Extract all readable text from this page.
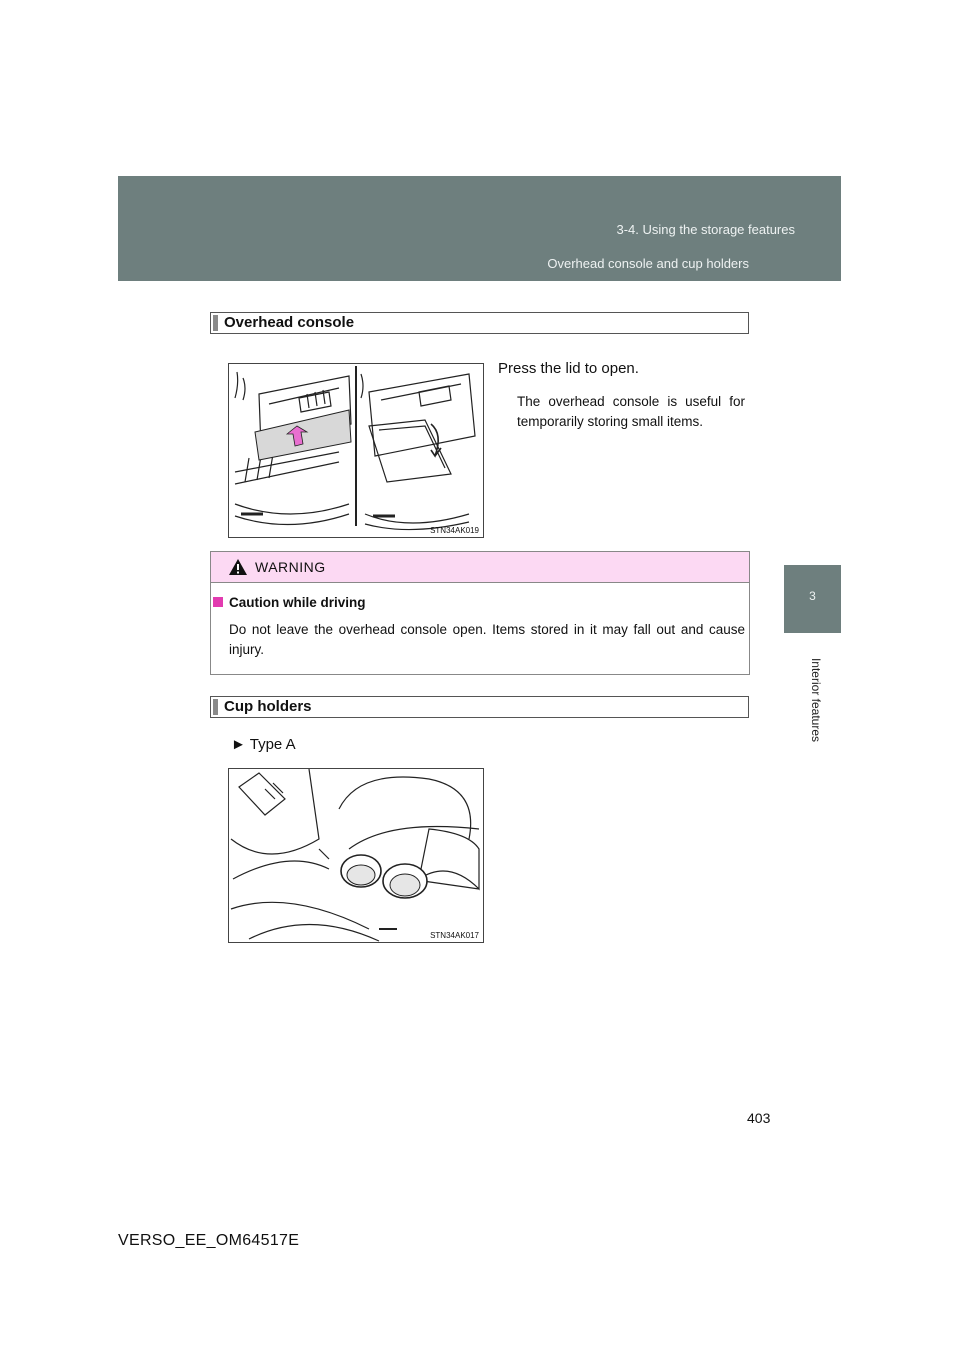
3-4. Using the storage features
Overhead console and cup holders
3
Interior features
Overhead console
STN34AK019
Press the lid to open.
The overhead console is useful for temporarily storing small items.
WARNING
Caution while driving
Do not leave the overhead console open. Items stored in it may fall out and cause injury.
Cup holders
► Type A
STN34AK017
403
VERSO_EE_OM64517E
